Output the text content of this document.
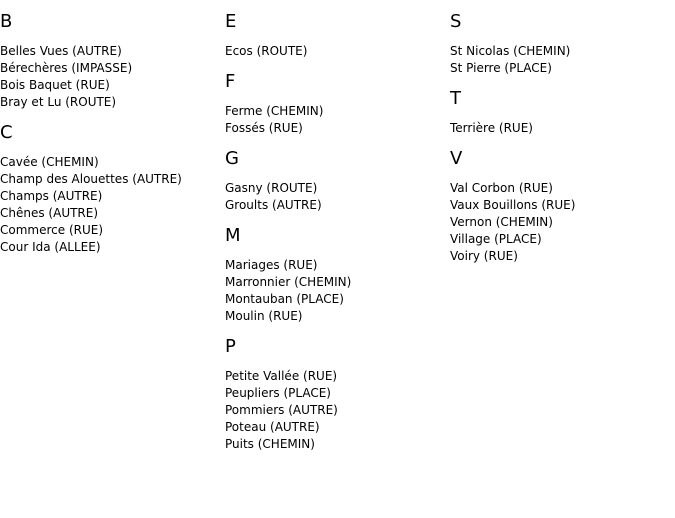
B
Belles Vues (AUTRE)
Bérechères (IMPASSE)
Bois Baquet (RUE)
Bray et Lu (ROUTE)
C
Cavée (CHEMIN)
Champ des Alouettes (AUTRE)
Champs (AUTRE)
Chênes (AUTRE)
Commerce (RUE)
Cour Ida (ALLEE)
E
Ecos (ROUTE)
F
Ferme (CHEMIN)
Fossés (RUE)
G
Gasny (ROUTE)
Groults (AUTRE)
M
Mariages (RUE)
Marronnier (CHEMIN)
Montauban (PLACE)
Moulin (RUE)
P
Petite Vallée (RUE)
Peupliers (PLACE)
Pommiers (AUTRE)
Poteau (AUTRE)
Puits (CHEMIN)
S
St Nicolas (CHEMIN)
St Pierre (PLACE)
T
Terrière (RUE)
V
Val Corbon (RUE)
Vaux Bouillons (RUE)
Vernon (CHEMIN)
Village (PLACE)
Voiry (RUE)
